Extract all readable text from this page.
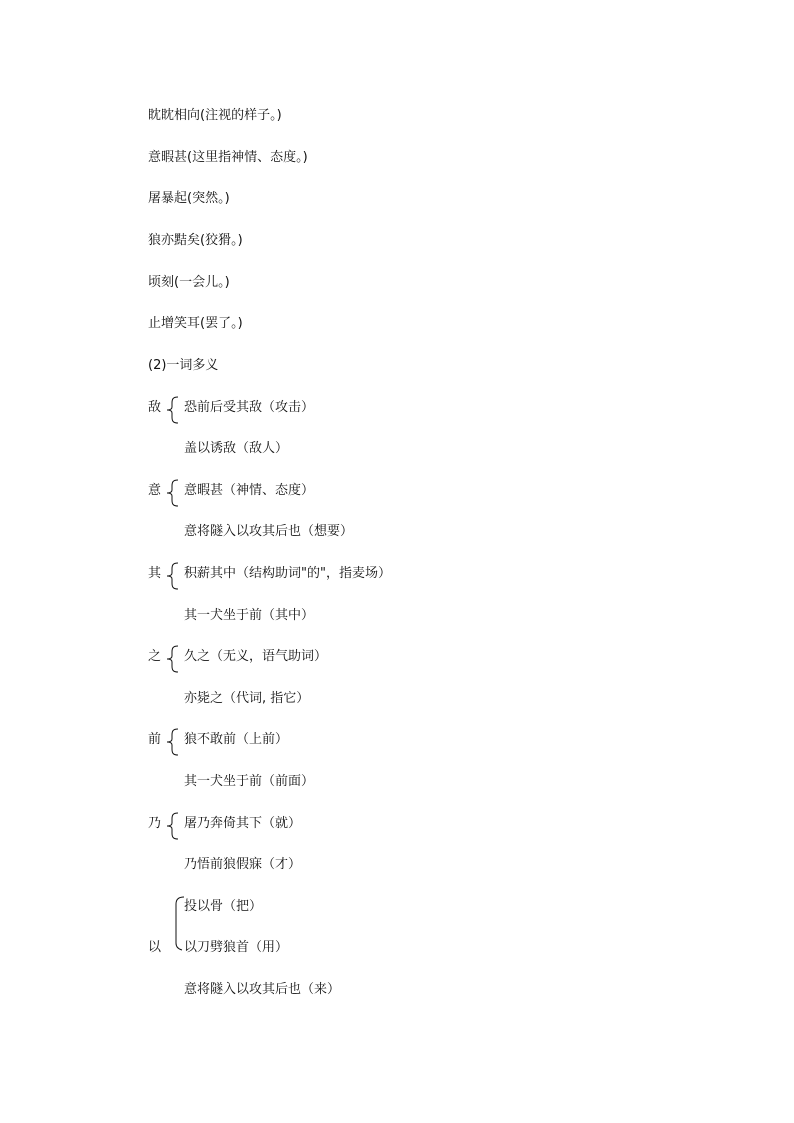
眈眈相向(注视的样子。)
意暇甚(这里指神情、态度。)
屠暴起(突然。)
狼亦黠矣(狡猾。)
顷刻(一会儿。)
止增笑耳(罢了。)
(2)一词多义
敌 恐前后受其敌（攻击）
盖以诱敌（敌人）
意 意暇甚（神情、态度）
意将隧入以攻其后也（想要）
其 积薪其中（结构助词"的"，指麦场）
其一犬坐于前（其中）
之 久之（无义，语气助词）
亦毙之（代词, 指它）
前 狼不敢前（上前）
其一犬坐于前（前面）
乃 屠乃奔倚其下（就）
乃悟前狼假寐（才）
投以骨（把）
以 以刀劈狼首（用）
意将隧入以攻其后也（来）
